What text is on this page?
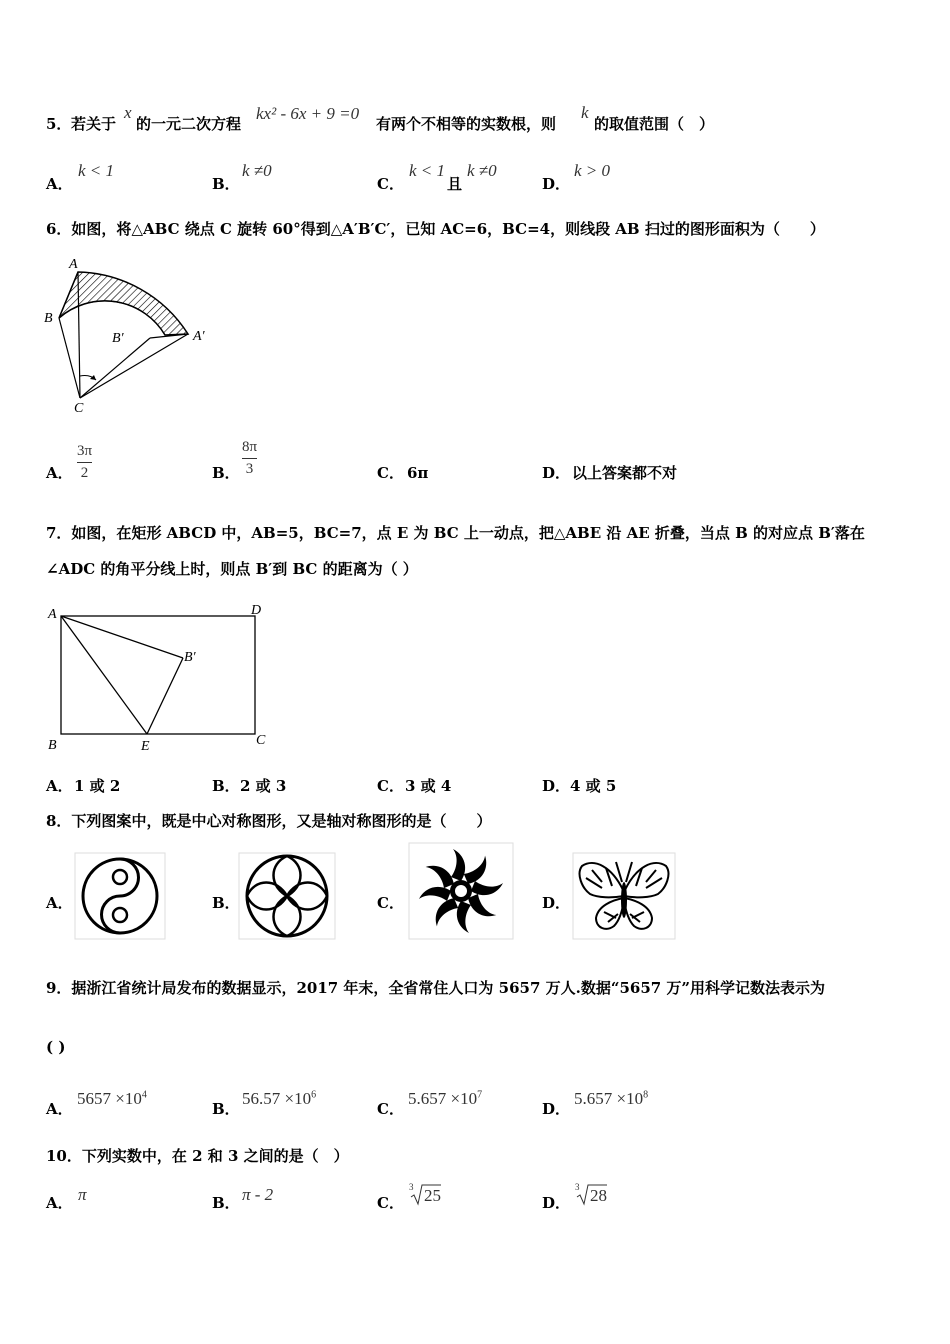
5． 若关于
x
的一元二次方程
kx² - 6x + 9 =0
有两个不相等的实数根，则
k
的取值范围（　）
A．
k < 1
B．
k ≠0
C．
k < 1
且
k ≠0
D．
k > 0
6．如图，将△ABC 绕点 C 旋转 60°得到△A′B′C′，已知 AC=6，BC=4，则线段 AB 扫过的图形面积为（　　）
A
B
B′	A′
C
A．
3π
2	B．
8π
3	C． 6π	D． 以上答案都不对
7．如图，在矩形 ABCD 中，AB=5，BC=7，点 E 为 BC 上一动点，把△ABE 沿 AE 折叠，当点 B 的对应点 B′落在
∠ADC 的角平分线上时，则点 B′到 BC 的距离为（ ）
A	D
B′
B	E	C
A． 1 或 2	B． 2 或 3	C． 3 或 4	D． 4 或 5
8．下列图案中，既是中心对称图形，又是轴对称图形的是（　　）
A．	B．	C．	D．
9．据浙江省统计局发布的数据显示，2017 年末，全省常住人口为 5657 万人.数据“5657 万”用科学记数法表示为
( )
A．
$5657 \times 10^4$
B．
$56.57 \times 10^6$
C．
$5.657 \times 10^7$
D．
$5.657 \times 10^8$
10．下列实数中，在 2 和 3 之间的是（　）
A． π	B． π - 2	C．
3 25	D．
3 28
